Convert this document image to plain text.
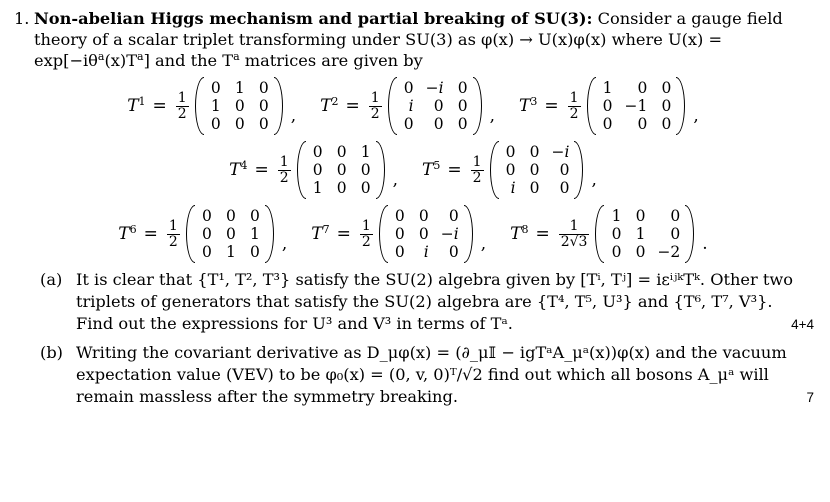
1. Non-abelian Higgs mechanism and partial breaking of SU(3): Consider a gauge field theory of a scalar triplet transforming under SU(3) as φ(x) → U(x)φ(x) where $U(x) = \exp[-i\theta^a(x)T^a]$ and the $T^a$ matrices are given by
$T^1 = \frac{1}{2}$
0 1 0
1 0 0
0 0 0 ,
$T^2 = \frac{1}{2}$
0 −i 0
i	0 0
0	0 0 ,
$T^3 = \frac{1}{2}$
1	0 0
0 −1 0
0	0 0 ,
$T^4 = \frac{1}{2}$
0 0 1
0 0 0
1 0 0 ,
$T^5 = \frac{1}{2}$
0 0 −i
0 0	0
i 0	0 ,
$T^6 = \frac{1}{2}$
0 0 0
0 0 1
0 1 0 ,
$T^7 = \frac{1}{2}$
0 0	0
0 0 −i
0	i	0 ,
$T^8 = \frac{1}{2√3}$
1 0	0
0 1	0
0 0 −2 .
(a) It is clear that {T¹, T², T³} satisfy the SU(2) algebra given by [Tⁱ, Tʲ] = iεⁱʲᵏTᵏ. Other two triplets of generators that satisfy the SU(2) algebra are {T⁴, T⁵, U³} and {T⁶, T⁷, V³}. Find out the expressions for U³ and V³ in terms of Tᵃ.	4+4
(b) Writing the covariant derivative as D_μφ(x) = (∂_μ𝕀 − igTᵃA_μᵃ(x))φ(x) and the vacuum expectation value (VEV) to be φ₀(x) = (0, v, 0)ᵀ/√2 find out which all bosons A_μᵃ will remain massless after the symmetry breaking.	7
